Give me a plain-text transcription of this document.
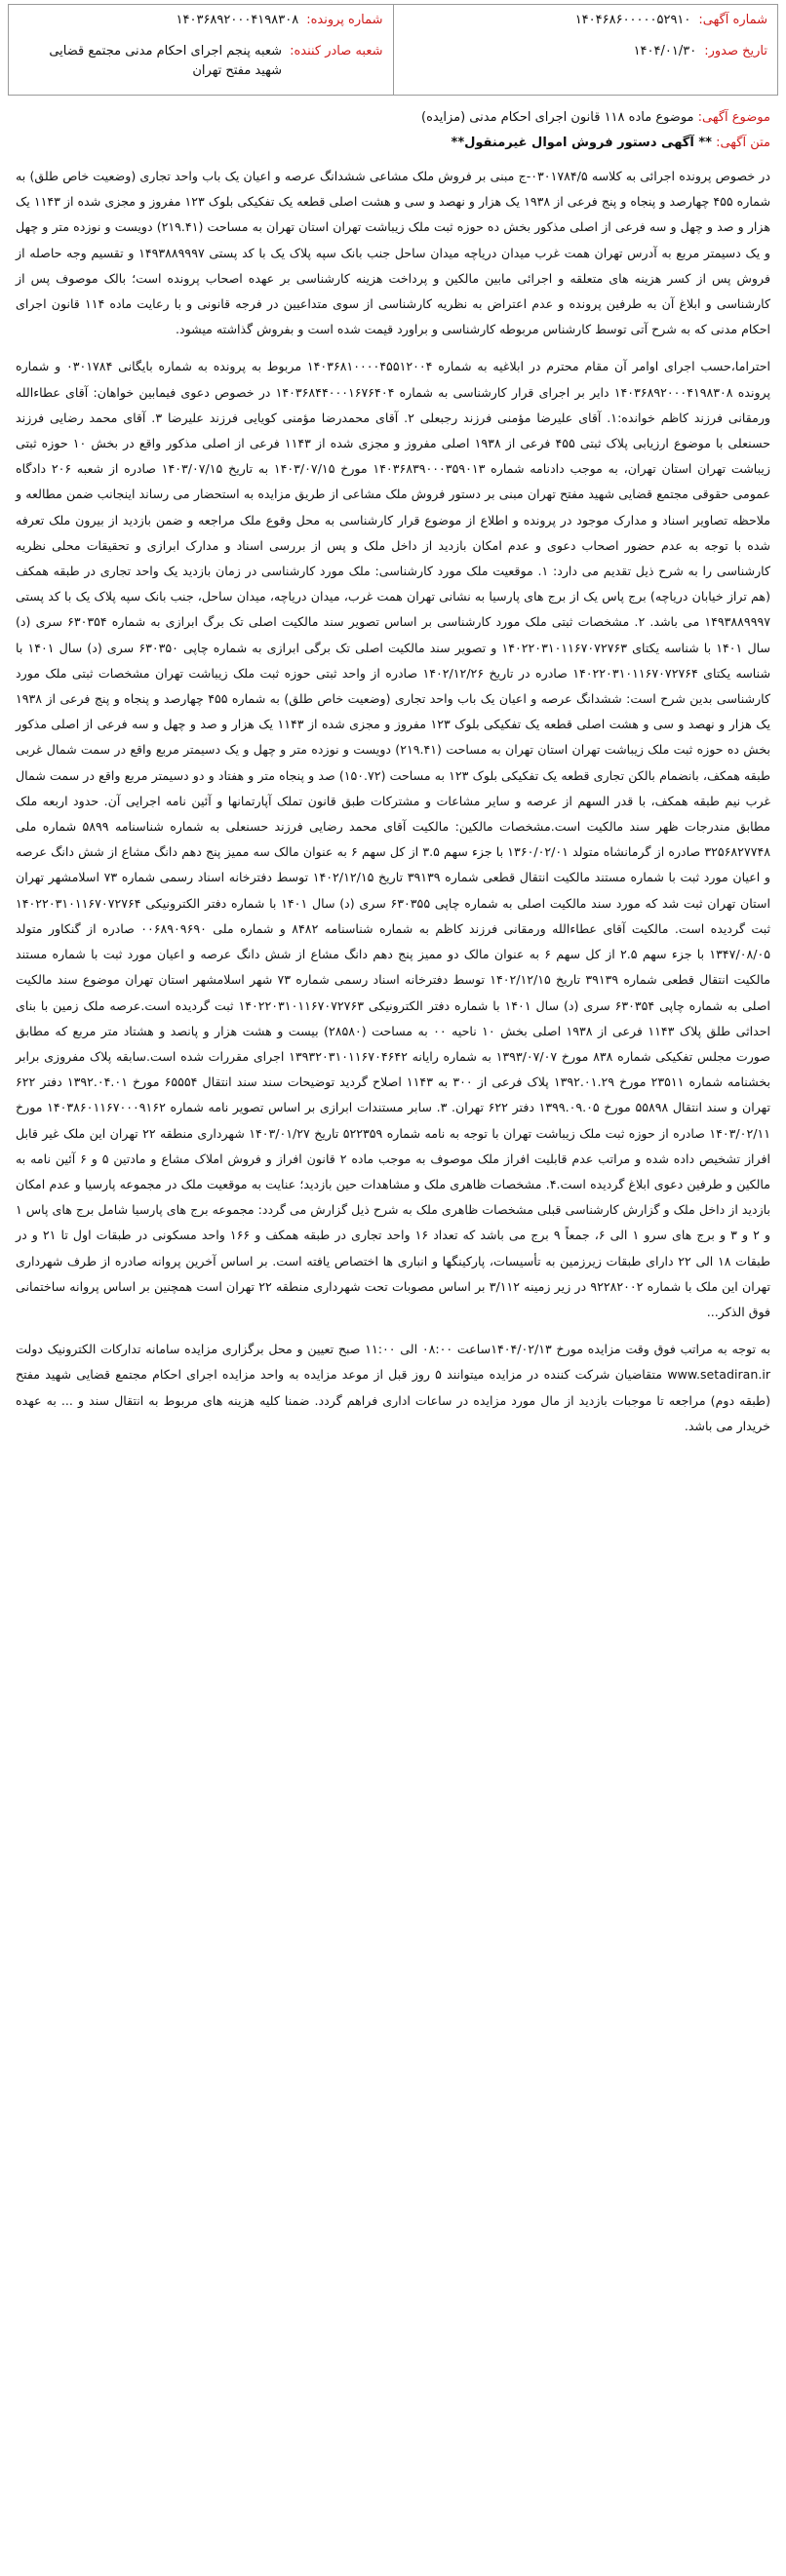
شماره آگهی:
۱۴۰۴۶۸۶۰۰۰۰۰۵۲۹۱۰
تاریخ صدور:
۱۴۰۴/۰۱/۳۰
شماره پرونده:
۱۴۰۳۶۸۹۲۰۰۰۴۱۹۸۳۰۸
شعبه صادر کننده:
شعبه پنجم اجرای احکام مدنی مجتمع قضایی شهید مفتح تهران
موضوع آگهی: موضوع ماده ۱۱۸ قانون اجرای احکام مدنی (مزایده)
متن آگهی: ** آگهی دستور فروش اموال غیرمنقول**

در خصوص پرونده اجرائی به کلاسه ۰۳۰۱۷۸۴/۵-ج مبنی بر فروش ملک مشاعی ششدانگ عرصه و اعیان یک باب واحد تجاری (وضعیت خاص طلق) به شماره ۴۵۵ چهارصد و پنجاه و پنج فرعی از ۱۹۳۸ یک هزار و نهصد و سی و هشت اصلی قطعه یک تفکیکی بلوک ۱۲۳ مفروز و مجزی شده از ۱۱۴۳ یک هزار و صد و چهل و سه فرعی از اصلی مذکور بخش ده حوزه ثبت ملک زیباشت تهران استان تهران به مساحت (۲۱۹.۴۱) دویست و نوزده متر و چهل و یک دسیمتر مربع به آدرس تهران همت غرب میدان دریاچه میدان ساحل جنب بانک سپه پلاک یک با کد پستی ۱۴۹۳۸۸۹۹۹۷ و تقسیم وجه حاصله از فروش پس از کسر هزینه های متعلقه و اجرائی مابین مالکین و پرداخت هزینه کارشناسی بر عهده اصحاب پرونده است؛ بالک موصوف پس از کارشناسی و ابلاغ آن به طرفین پرونده و عدم اعتراض به نظریه کارشناسی از سوی متداعیین در فرجه قانونی و با رعایت ماده ۱۱۴ قانون اجرای احکام مدنی که به شرح آتی توسط کارشناس مربوطه کارشناسی و براورد قیمت شده است و بفروش گذاشته میشود.

احتراما،حسب اجرای اوامر آن مقام محترم در ابلاغیه به شماره ۱۴۰۳۶۸۱۰۰۰۰۴۵۵۱۲۰۰۴ مربوط به پرونده به شماره بایگانی ۰۳۰۱۷۸۴ و شماره پرونده ۱۴۰۳۶۸۹۲۰۰۰۴۱۹۸۳۰۸ دایر بر اجرای قرار کارشناسی به شماره ۱۴۰۳۶۸۴۴۰۰۰۱۶۷۶۴۰۴ در خصوص دعوی فیمابین خواهان: آقای عطاءالله ورمقانی فرزند کاظم خوانده:۱. آقای علیرضا مؤمنی فرزند رجبعلی ۲. آقای محمدرضا مؤمنی کویایی فرزند علیرضا ۳. آقای محمد رضایی فرزند حسنعلی با موضوع ارزیابی پلاک ثبتی ۴۵۵ فرعی از ۱۹۳۸ اصلی مفروز و مجزی شده از ۱۱۴۳ فرعی از اصلی مذکور واقع در بخش ۱۰ حوزه ثبتی زیباشت تهران استان تهران، به موجب دادنامه شماره ۱۴۰۳۶۸۳۹۰۰۰۳۵۹۰۱۳ مورخ ۱۴۰۳/۰۷/۱۵ به تاریخ ۱۴۰۳/۰۷/۱۵ صادره از شعبه ۲۰۶ دادگاه عمومی حقوقی مجتمع قضایی شهید مفتح تهران مبنی بر دستور فروش ملک مشاعی از طریق مزایده به استحضار می رساند اینجانب ضمن مطالعه و ملاحظه تصاویر اسناد و مدارک موجود در پرونده و اطلاع از موضوع قرار کارشناسی به محل وقوع ملک مراجعه و ضمن بازدید از بیرون ملک تعرفه شده با توجه به عدم حضور اصحاب دعوی و عدم امکان بازدید از داخل ملک و پس از بررسی اسناد و مدارک ابرازی و تحقیقات محلی نظریه کارشناسی را به شرح ذیل تقدیم می دارد: ۱. موقعیت ملک مورد کارشناسی: ملک مورد کارشناسی در زمان بازدید یک واحد تجاری در طبقه همکف (هم تراز خیابان دریاچه) برج پاس یک از برج های پارسیا به نشانی تهران همت غرب، میدان دریاچه، میدان ساحل، جنب بانک سپه پلاک یک با کد پستی ۱۴۹۳۸۸۹۹۹۷ می باشد. ۲. مشخصات ثبتی ملک مورد کارشناسی بر اساس تصویر سند مالکیت اصلی تک برگ ابرازی به شماره ۶۳۰۳۵۴ سری (د) سال ۱۴۰۱ با شناسه یکتای ۱۴۰۲۲۰۳۱۰۱۱۶۷۰۷۲۷۶۳ و تصویر سند مالکیت اصلی تک برگی ابرازی به شماره چاپی ۶۳۰۳۵۰ سری (د) سال ۱۴۰۱ با شناسه یکتای ۱۴۰۲۲۰۳۱۰۱۱۶۷۰۷۲۷۶۴ صادره در تاریخ ۱۴۰۲/۱۲/۲۶ صادره از واحد ثبتی حوزه ثبت ملک زیباشت تهران مشخصات ثبتی ملک مورد کارشناسی بدین شرح است: ششدانگ عرصه و اعیان یک باب واحد تجاری (وضعیت خاص طلق) به شماره ۴۵۵ چهارصد و پنجاه و پنج فرعی از ۱۹۳۸ یک هزار و نهصد و سی و هشت اصلی قطعه یک تفکیکی بلوک ۱۲۳ مفروز و مجزی شده از ۱۱۴۳ یک هزار و صد و چهل و سه فرعی از اصلی مذکور بخش ده حوزه ثبت ملک زیباشت تهران استان تهران به مساحت (۲۱۹.۴۱) دویست و نوزده متر و چهل و یک دسیمتر مربع واقع در سمت شمال غربی طبقه همکف، بانضمام بالکن تجاری قطعه یک تفکیکی بلوک ۱۲۳ به مساحت (۱۵۰.۷۲) صد و پنجاه متر و هفتاد و دو دسیمتر مربع واقع در سمت شمال غرب نیم طبقه همکف، با قدر السهم از عرصه و سایر مشاعات و مشترکات طبق قانون تملک آپارتمانها و آئین نامه اجرایی آن. حدود اربعه ملک مطابق مندرجات ظهر سند مالکیت است.مشخصات مالکین: مالکیت آقای محمد رضایی فرزند حسنعلی به شماره شناسنامه ۵۸۹۹ شماره ملی ۳۲۵۶۸۲۷۷۴۸ صادره از گرمانشاه متولد ۱۳۶۰/۰۲/۰۱ با جزء سهم ۳.۵ از کل سهم ۶ به عنوان مالک سه ممیز پنج دهم دانگ مشاع از شش دانگ عرصه و اعیان مورد ثبت با شماره مستند مالکیت انتقال قطعی شماره ۳۹۱۳۹ تاریخ ۱۴۰۲/۱۲/۱۵ توسط دفترخانه اسناد رسمی شماره ۷۳ اسلامشهر تهران استان تهران ثبت شد که مورد سند مالکیت اصلی به شماره چاپی ۶۳۰۳۵۵ سری (د) سال ۱۴۰۱ با شماره دفتر الکترونیکی ۱۴۰۲۲۰۳۱۰۱۱۶۷۰۷۲۷۶۴ ثبت گردیده است. مالکیت آقای عطاءالله ورمقانی فرزند کاظم به شماره شناسنامه ۸۴۸۲ و شماره ملی ۰۰۶۸۹۰۹۶۹۰ صادره از گنکاور متولد ۱۳۴۷/۰۸/۰۵ با جزء سهم ۲.۵ از کل سهم ۶ به عنوان مالک دو ممیز پنج دهم دانگ مشاع از شش دانگ عرصه و اعیان مورد ثبت با شماره مستند مالکیت انتقال قطعی شماره ۳۹۱۳۹ تاریخ ۱۴۰۲/۱۲/۱۵ توسط دفترخانه اسناد رسمی شماره ۷۳ شهر اسلامشهر استان تهران موضوع سند مالکیت اصلی به شماره چاپی ۶۳۰۳۵۴ سری (د) سال ۱۴۰۱ با شماره دفتر الکترونیکی ۱۴۰۲۲۰۳۱۰۱۱۶۷۰۷۲۷۶۳ ثبت گردیده است.عرصه ملک زمین با بنای احداثی طلق پلاک ۱۱۴۳ فرعی از ۱۹۳۸ اصلی بخش ۱۰ ناحیه ۰۰ به مساحت (۲۸۵۸۰) بیست و هشت هزار و پانصد و هشتاد متر مربع که مطابق صورت مجلس تفکیکی شماره ۸۳۸ مورخ ۱۳۹۳/۰۷/۰۷ به شماره رایانه ۱۳۹۳۲۰۳۱۰۱۱۶۷۰۴۶۴۲ اجرای مقررات شده است.سابقه پلاک مفروزی برابر بخشنامه شماره ۲۳۵۱۱ مورخ ۱۳۹۲.۰۱.۲۹ پلاک فرعی از ۳۰۰ به ۱۱۴۳ اصلاح گردید توضیحات سند سند انتقال ۶۵۵۵۴ مورخ ۱۳۹۲.۰۴.۰۱ دفتر ۶۲۲ تهران و سند انتقال ۵۵۸۹۸ مورخ ۱۳۹۹.۰۹.۰۵ دفتر ۶۲۲ تهران. ۳. سابر مستندات ابرازی بر اساس تصویر نامه شماره ۱۴۰۳۸۶۰۱۱۶۷۰۰۰۹۱۶۲ مورخ ۱۴۰۳/۰۲/۱۱ صادره از حوزه ثبت ملک زیباشت تهران با توجه به نامه شماره ۵۲۲۳۵۹ تاریخ ۱۴۰۳/۰۱/۲۷ شهرداری منطقه ۲۲ تهران این ملک غیر قابل افراز تشخیص داده شده و مراتب عدم قابلیت افراز ملک موصوف به موجب ماده ۲ قانون افراز و فروش املاک مشاع و مادتین ۵ و ۶ آئین نامه به مالکین و طرفین دعوی ابلاغ گردیده است.۴. مشخصات ظاهری ملک و مشاهدات حین بازدید؛ عنایت به موقعیت ملک در مجموعه پارسیا و عدم امکان بازدید از داخل ملک و گزارش کارشناسی قبلی مشخصات ظاهری ملک به شرح ذیل گزارش می گردد: مجموعه برج های پارسیا شامل برج های پاس ۱ و ۲ و ۳ و برج های سرو ۱ الی ۶، جمعاً ۹ برج می باشد که تعداد ۱۶ واحد تجاری در طبقه همکف و ۱۶۶ واحد مسکونی در طبقات اول تا ۲۱ و در طبقات ۱۸ الی ۲۲ دارای طبقات زیرزمین به تأسیسات، پارکینگها و انباری ها اختصاص یافته است. بر اساس آخرین پروانه صادره از طرف شهرداری تهران این ملک با شماره ۹۲۲۸۲۰۰۲ در زیر زمینه ۳/۱۱۲ بر اساس مصوبات تحت شهرداری منطقه ۲۲ تهران است همچنین بر اساس پروانه ساختمانی فوق الذکر...

به توجه به مراتب فوق وقت مزایده مورخ ۱۴۰۴/۰۲/۱۳ساعت ۰۸:۰۰ الی ۱۱:۰۰ صبح تعیین و محل برگزاری مزایده سامانه تدارکات الکترونیک دولت www.setadiran.ir متقاضیان شرکت کننده در مزایده میتوانند ۵ روز قبل از موعد مزایده به واحد مزایده اجرای احکام مجتمع قضایی شهید مفتح (طبقه دوم) مراجعه تا موجبات بازدید از مال مورد مزایده در ساعات اداری فراهم گردد. ضمنا کلیه هزینه های مربوط به انتقال سند و ... به عهده خریدار می باشد.
